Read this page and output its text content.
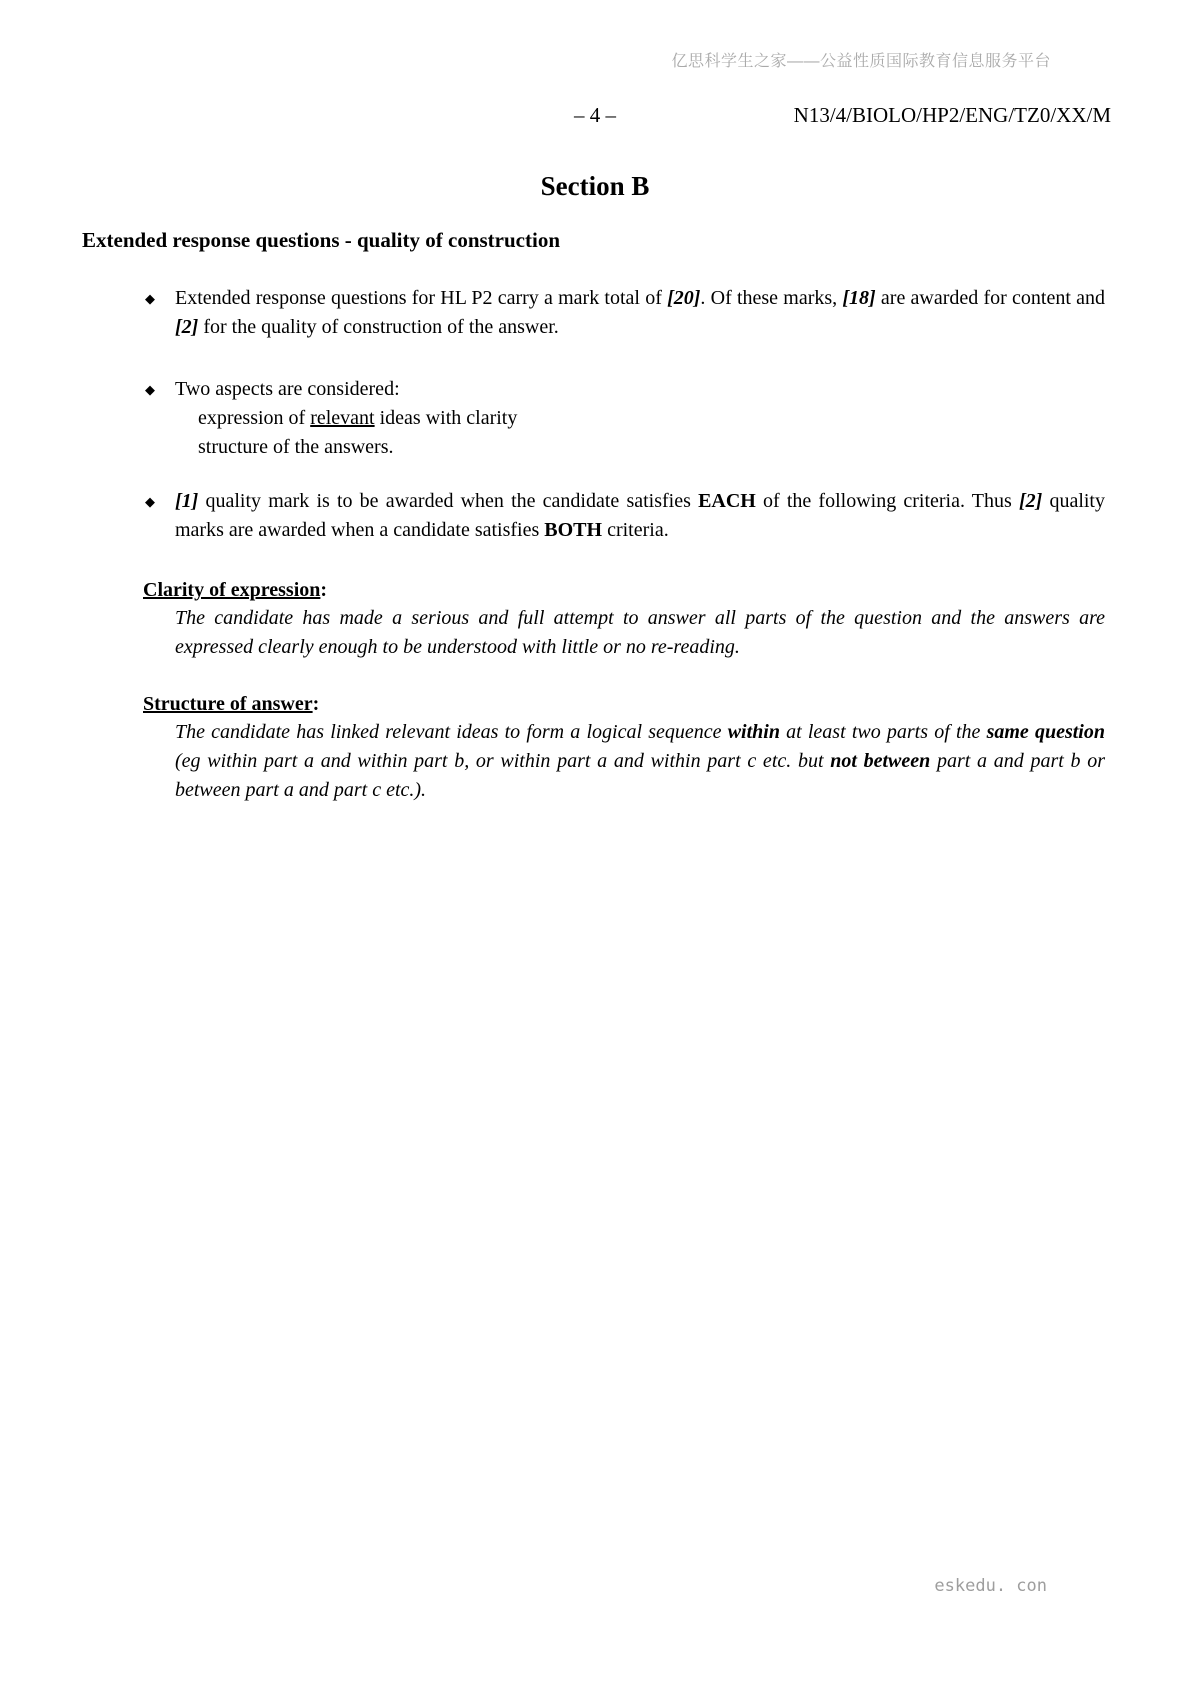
亿思科学生之家——公益性质国际教育信息服务平台
– 4 –	N13/4/BIOLO/HP2/ENG/TZ0/XX/M
Section B
Extended response questions - quality of construction
◆	Extended response questions for HL P2 carry a mark total of [20]. Of these marks, [18] are awarded for content and [2] for the quality of construction of the answer.
◆	Two aspects are considered:
expression of relevant ideas with clarity
structure of the answers.
◆	[1] quality mark is to be awarded when the candidate satisfies EACH of the following criteria. Thus [2] quality marks are awarded when a candidate satisfies BOTH criteria.
Clarity of expression:
The candidate has made a serious and full attempt to answer all parts of the question and the answers are expressed clearly enough to be understood with little or no re-reading.
Structure of answer:
The candidate has linked relevant ideas to form a logical sequence within at least two parts of the same question (eg within part a and within part b, or within part a and within part c etc. but not between part a and part b or between part a and part c etc.).
eskedu. con
